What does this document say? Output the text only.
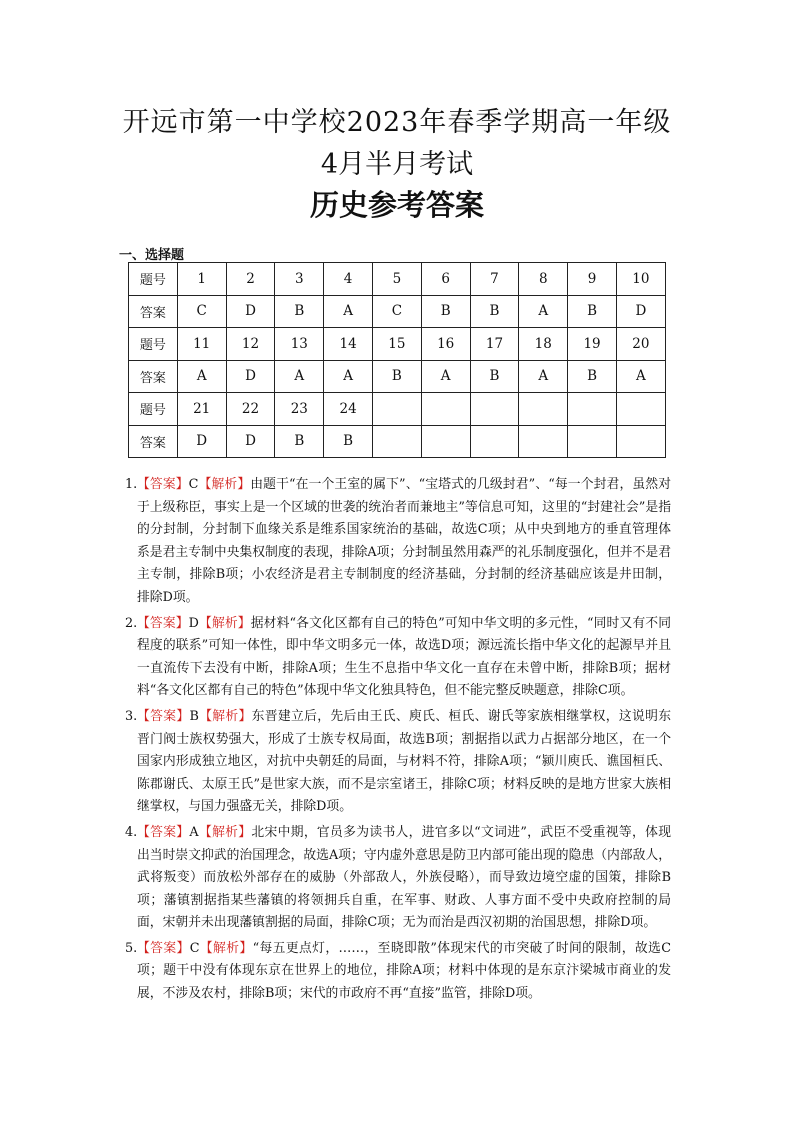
开远市第一中学校2023年春季学期高一年级
4月半月考试
历史参考答案
一、选择题
题号	1	2	3	4	5	6	7	8	9	10
答案	C	D	B	A	C	B	B	A	B	D
题号	11	12	13	14	15	16	17	18	19	20
答案	A	D	A	A	B	A	B	A	B	A
题号	21	22	23	24						
答案	D	D	B	B						
1. 【答案】C【解析】由题干“在一个王室的属下”、“宝塔式的几级封君”、“每一个封君，虽然对于上级称臣，事实上是一个区域的世袭的统治者而兼地主”等信息可知，这里的“封建社会”是指的分封制，分封制下血缘关系是维系国家统治的基础，故选C项；从中央到地方的垂直管理体系是君主专制中央集权制度的表现，排除A项；分封制虽然用森严的礼乐制度强化，但并不是君主专制，排除B项；小农经济是君主专制制度的经济基础，分封制的经济基础应该是井田制，排除D项。
2. 【答案】D【解析】据材料“各文化区都有自己的特色”可知中华文明的多元性，“同时又有不同程度的联系”可知一体性，即中华文明多元一体，故选D项；源远流长指中华文化的起源早并且一直流传下去没有中断，排除A项；生生不息指中华文化一直存在未曾中断，排除B项；据材料“各文化区都有自己的特色”体现中华文化独具特色，但不能完整反映题意，排除C项。
3. 【答案】B【解析】东晋建立后，先后由王氏、庾氏、桓氏、谢氏等家族相继掌权，这说明东晋门阀士族权势强大，形成了士族专权局面，故选B项；割据指以武力占据部分地区，在一个国家内形成独立地区，对抗中央朝廷的局面，与材料不符，排除A项；“颍川庾氏、谯国桓氏、陈郡谢氏、太原王氏”是世家大族，而不是宗室诸王，排除C项；材料反映的是地方世家大族相继掌权，与国力强盛无关，排除D项。
4. 【答案】A【解析】北宋中期，官员多为读书人，进官多以“文词进”，武臣不受重视等，体现出当时崇文抑武的治国理念，故选A项；守内虚外意思是防卫内部可能出现的隐患（内部敌人，武将叛变）而放松外部存在的威胁（外部敌人，外族侵略），而导致边境空虚的国策，排除B项；藩镇割据指某些藩镇的将领拥兵自重，在军事、财政、人事方面不受中央政府控制的局面，宋朝并未出现藩镇割据的局面，排除C项；无为而治是西汉初期的治国思想，排除D项。
5. 【答案】C【解析】“每五更点灯，……，至晓即散”体现宋代的市突破了时间的限制，故选C项；题干中没有体现东京在世界上的地位，排除A项；材料中体现的是东京汴梁城市商业的发展，不涉及农村，排除B项；宋代的市政府不再“直接”监管，排除D项。
